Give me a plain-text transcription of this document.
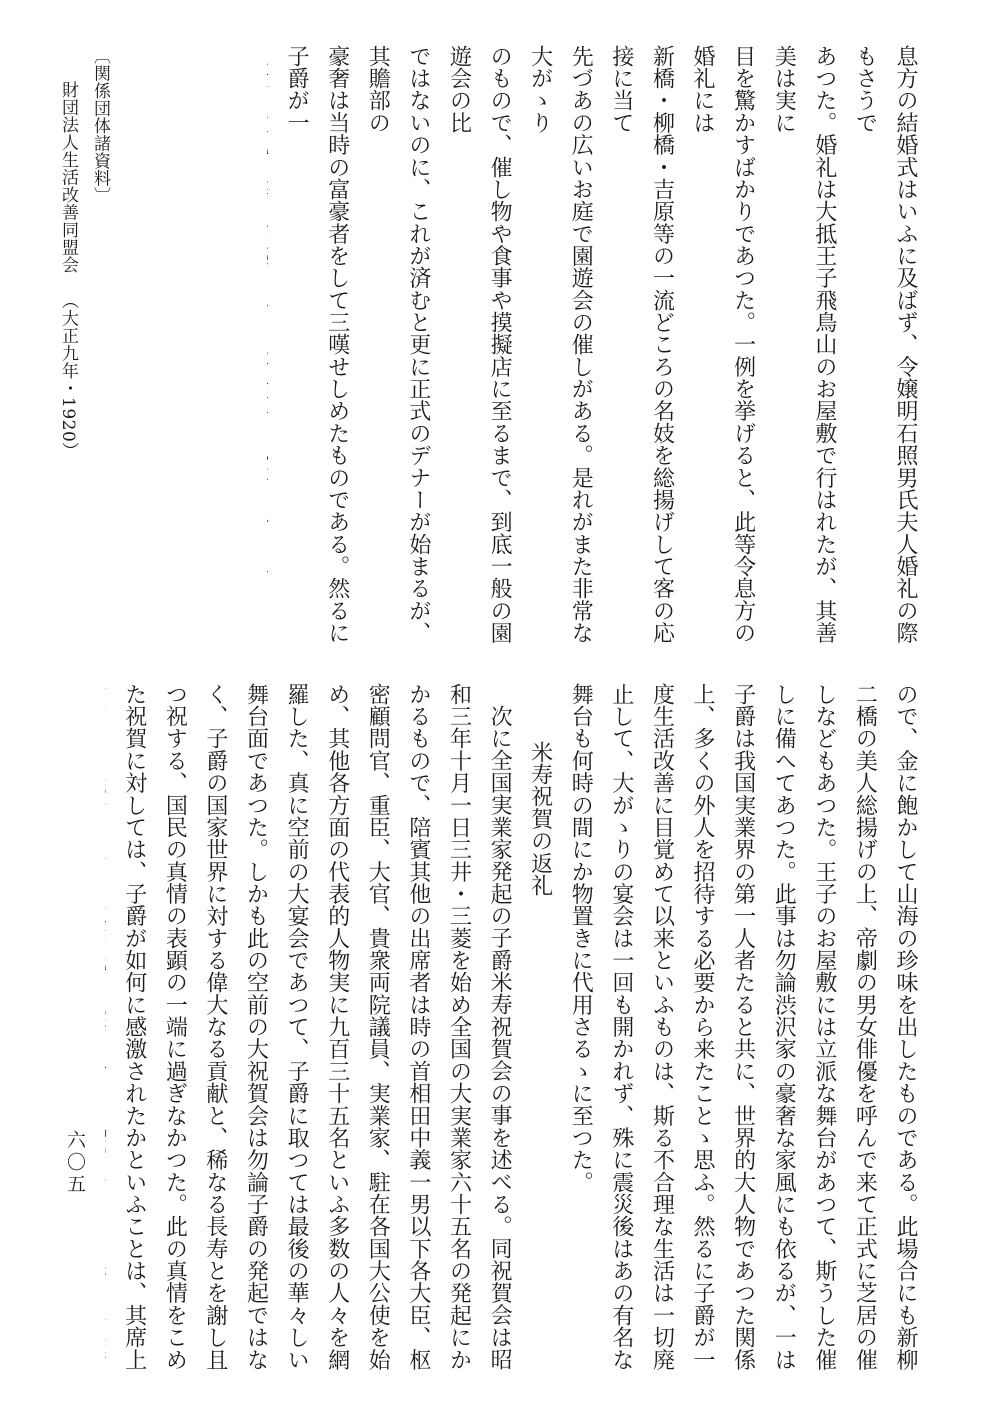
息方の結婚式はいふに及ばず、令嬢明石照男氏夫人婚礼の際もさうで
あつた。婚礼は大抵王子飛鳥山のお屋敷で行はれたが、其善美は実に
目を驚かすばかりであつた。一例を挙げると、此等令息方の婚礼には
新橋・柳橋・吉原等の一流どころの名妓を総揚げして客の応接に当て
先づあの広いお庭で園遊会の催しがある。是れがまた非常な大がゝり
のもので、催し物や食事や摸擬店に至るまで、到底一般の園遊会の比
ではないのに、これが済むと更に正式のデナーが始まるが、其贍部の
豪奢は当時の富豪者をして三嘆せしめたものである。然るに子爵が一
〔関係団体諸資料〕
財団法人生活改善同盟会（大正九年・1920）
ので、金に飽かして山海の珍味を出したものである。此場合にも新柳
二橋の美人総揚げの上、帝劇の男女俳優を呼んで来て正式に芝居の催
しなどもあつた。王子のお屋敷には立派な舞台があつて、斯うした催
しに備へてあつた。此事は勿論渋沢家の豪奢な家風にも依るが、一は
子爵は我国実業界の第一人者たると共に、世界的大人物であつた関係
上、多くの外人を招待する必要から来たことゝ思ふ。然るに子爵が一
度生活改善に目覚めて以来といふものは、斯る不合理な生活は一切廃
止して、大がゝりの宴会は一回も開かれず、殊に震災後はあの有名な
舞台も何時の間にか物置きに代用さるゝに至つた。
米寿祝賀の返礼
次に全国実業家発起の子爵米寿祝賀会の事を述べる。同祝賀会は昭
和三年十月一日三井・三菱を始め全国の大実業家六十五名の発起にか
かるもので、陪賓其他の出席者は時の首相田中義一男以下各大臣、枢
密顧問官、重臣、大官、貴衆両院議員、実業家、駐在各国大公使を始
め、其他各方面の代表的人物実に九百三十五名といふ多数の人々を網
羅した、真に空前の大宴会であつて、子爵に取つては最後の華々しい
舞台面であつた。しかも此の空前の大祝賀会は勿論子爵の発起ではな
く、子爵の国家世界に対する偉大なる貢献と、稀なる長寿とを謝し且
つ祝する、国民の真情の表顕の一端に過ぎなかつた。此の真情をこめ
た祝賀に対しては、子爵が如何に感激されたかといふことは、其席上
六〇五
